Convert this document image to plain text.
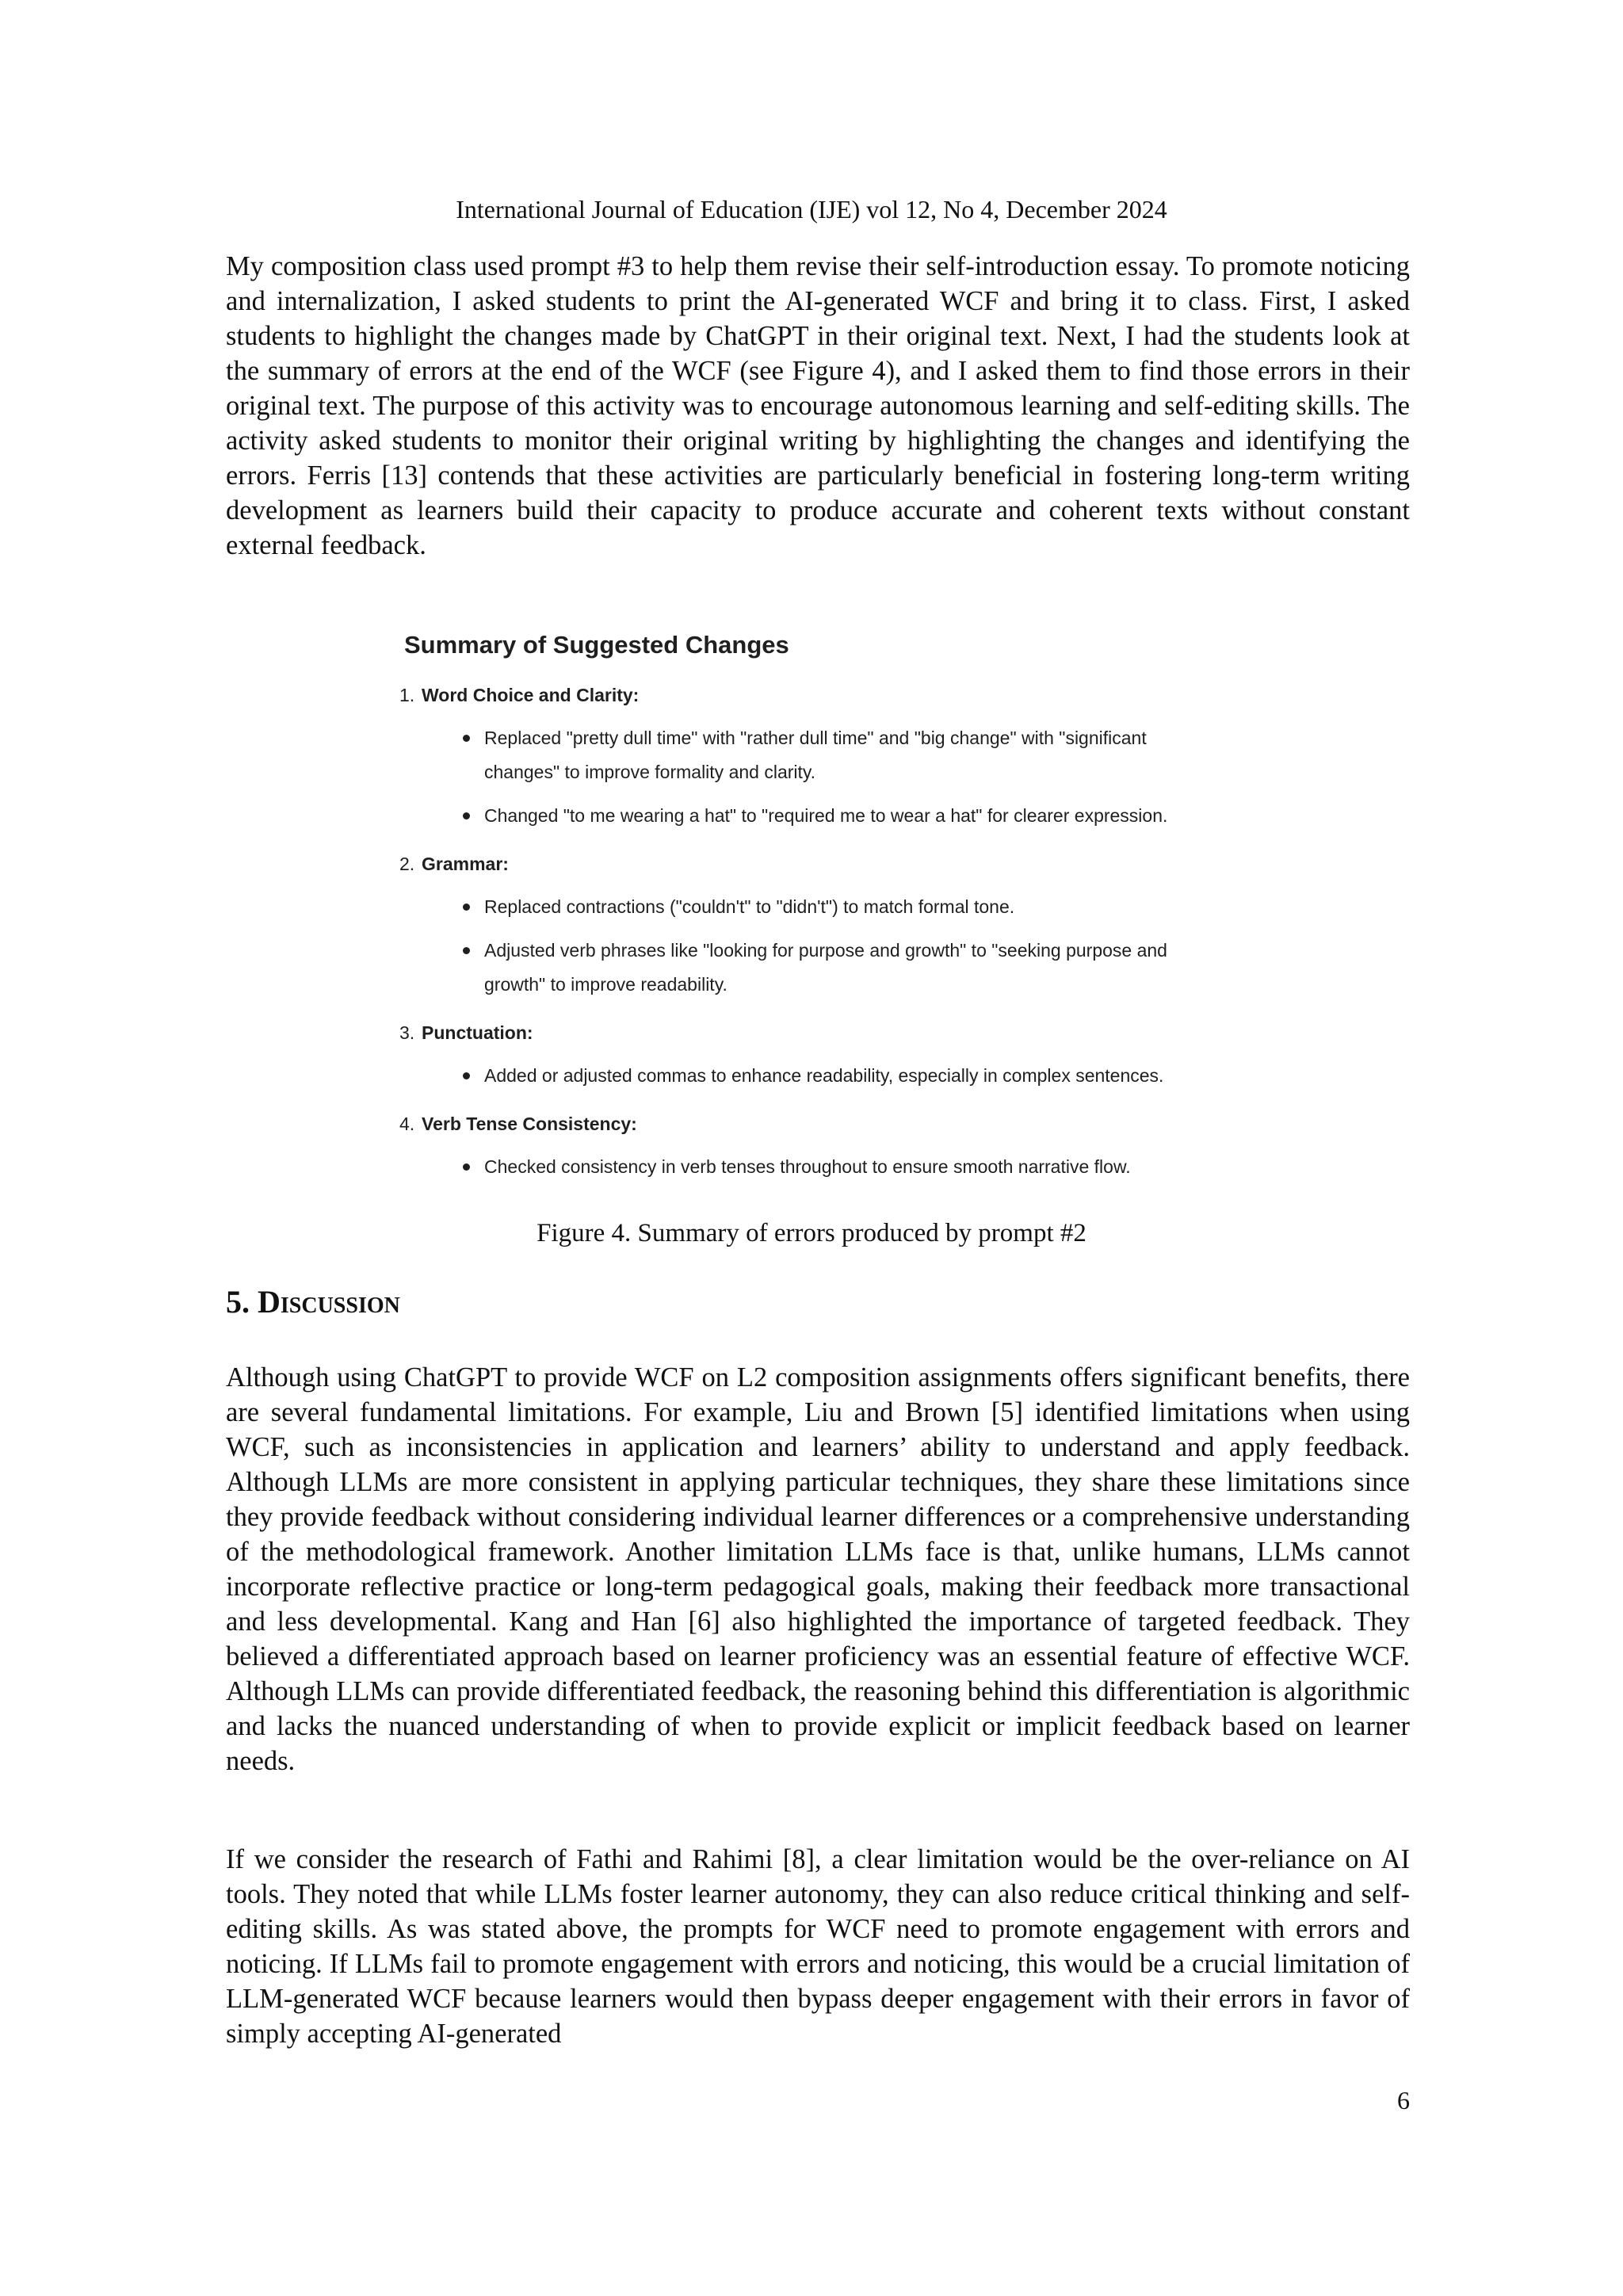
International Journal of Education (IJE) vol 12, No 4, December 2024

My composition class used prompt #3 to help them revise their self-introduction essay. To promote noticing and internalization, I asked students to print the AI-generated WCF and bring it to class. First, I asked students to highlight the changes made by ChatGPT in their original text. Next, I had the students look at the summary of errors at the end of the WCF (see Figure 4), and I asked them to find those errors in their original text. The purpose of this activity was to encourage autonomous learning and self-editing skills. The activity asked students to monitor their original writing by highlighting the changes and identifying the errors. Ferris [13] contends that these activities are particularly beneficial in fostering long-term writing development as learners build their capacity to produce accurate and coherent texts without constant external feedback.

Summary of Suggested Changes
1. Word Choice and Clarity:
Replaced "pretty dull time" with "rather dull time" and "big change" with "significant changes" to improve formality and clarity.
Changed "to me wearing a hat" to "required me to wear a hat" for clearer expression.
2. Grammar:
Replaced contractions ("couldn't" to "didn't") to match formal tone.
Adjusted verb phrases like "looking for purpose and growth" to "seeking purpose and growth" to improve readability.
3. Punctuation:
Added or adjusted commas to enhance readability, especially in complex sentences.
4. Verb Tense Consistency:
Checked consistency in verb tenses throughout to ensure smooth narrative flow.
Figure 4. Summary of errors produced by prompt #2
5. Discussion

Although using ChatGPT to provide WCF on L2 composition assignments offers significant benefits, there are several fundamental limitations. For example, Liu and Brown [5] identified limitations when using WCF, such as inconsistencies in application and learners’ ability to understand and apply feedback. Although LLMs are more consistent in applying particular techniques, they share these limitations since they provide feedback without considering individual learner differences or a comprehensive understanding of the methodological framework. Another limitation LLMs face is that, unlike humans, LLMs cannot incorporate reflective practice or long-term pedagogical goals, making their feedback more transactional and less developmental. Kang and Han [6] also highlighted the importance of targeted feedback. They believed a differentiated approach based on learner proficiency was an essential feature of effective WCF. Although LLMs can provide differentiated feedback, the reasoning behind this differentiation is algorithmic and lacks the nuanced understanding of when to provide explicit or implicit feedback based on learner needs.

If we consider the research of Fathi and Rahimi [8], a clear limitation would be the over-reliance on AI tools. They noted that while LLMs foster learner autonomy, they can also reduce critical thinking and self-editing skills. As was stated above, the prompts for WCF need to promote engagement with errors and noticing. If LLMs fail to promote engagement with errors and noticing, this would be a crucial limitation of LLM-generated WCF because learners would then bypass deeper engagement with their errors in favor of simply accepting AI-generated

6
